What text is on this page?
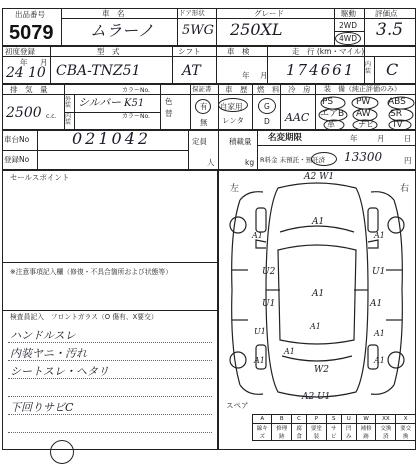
出品番号
5079
車　名
ムラーノ
ドア形状
5WG
グレード
250XL
駆動
2WD
4WD
評価点
3.5
初度登録
年 月
24 10
型　式
CBA-TNZ51
シフト
AT
車　検
年 月
走　行 (km・マイル)
174661 内装 C
排　気　量
2500 c.c.
外装 シルバー
カラーNo.
K51
内装
カラーNo.
色替
保証書
有
無
車　歴
自家用
レンタ
燃　料
G
D
冷　房
AAC
装　備（純正評価のみ）
PS	PW ABS
エアB AW SR
革	ナビ TV
車台No	021042
登録No
定員
人
積載量
kg
名変期限	年	月	日
R料金 未預託・預託済 13300	円
セールスポイント
※注意事項記入欄（修復・不具合箇所および状態等）
検査員記入　フロントガラス（O 傷有、X要交）
ハンドルスレ
内装ヤニ・汚れ
シートスレ・ヘタリ
下回りサビC
左	右
A2 W1
A1
A1
U2
U1
U1
A1
A1
U1
A1
A1
A1
A1
W2
A1	A1
A2 U1
スペア
A	B	C	P	S	U	W	XX	X
線キズ	修理跡	腐食	要塗装	サビ	凹み	補修跡	交換済	要交換
